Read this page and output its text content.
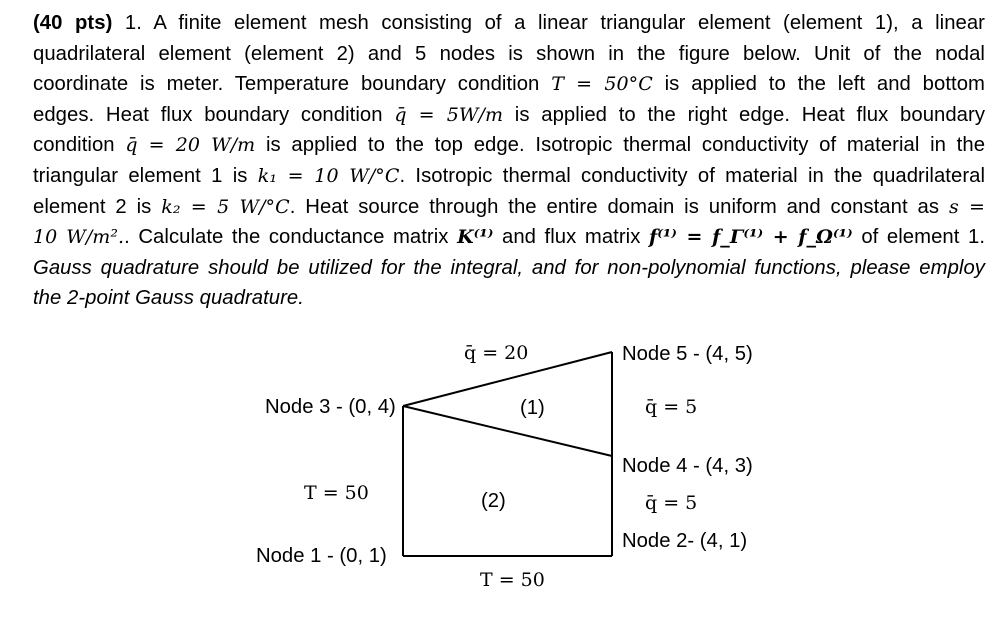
(40 pts) 1. A finite element mesh consisting of a linear triangular element (element 1), a linear
quadrilateral element (element 2) and 5 nodes is shown in the figure below. Unit of the nodal
coordinate is meter. Temperature boundary condition T = 50°C is applied to the left and bottom
edges. Heat flux boundary condition q̄ = 5W/m is applied to the right edge. Heat flux boundary
condition q̄ = 20 W/m is applied to the top edge. Isotropic thermal conductivity of material in the
triangular element 1 is k₁ = 10 W/°C. Isotropic thermal conductivity of material in the quadrilateral
element 2 is k₂ = 5 W/°C. Heat source through the entire domain is uniform and constant as s =
10 W/m².. Calculate the conductance matrix K⁽¹⁾ and flux matrix f⁽¹⁾ = f_Γ⁽¹⁾ + f_Ω⁽¹⁾ of element 1.
Gauss quadrature should be utilized for the integral, and for non-polynomial functions, please employ
the 2-point Gauss quadrature.
q̄ = 20	Node 5 - (4, 5)
Node 3 - (0, 4)	(1)	q̄ = 5
Node 4 - (4, 3)
T = 50	(2)	q̄ = 5
Node 2- (4, 1)
Node 1 - (0, 1)
T = 50
